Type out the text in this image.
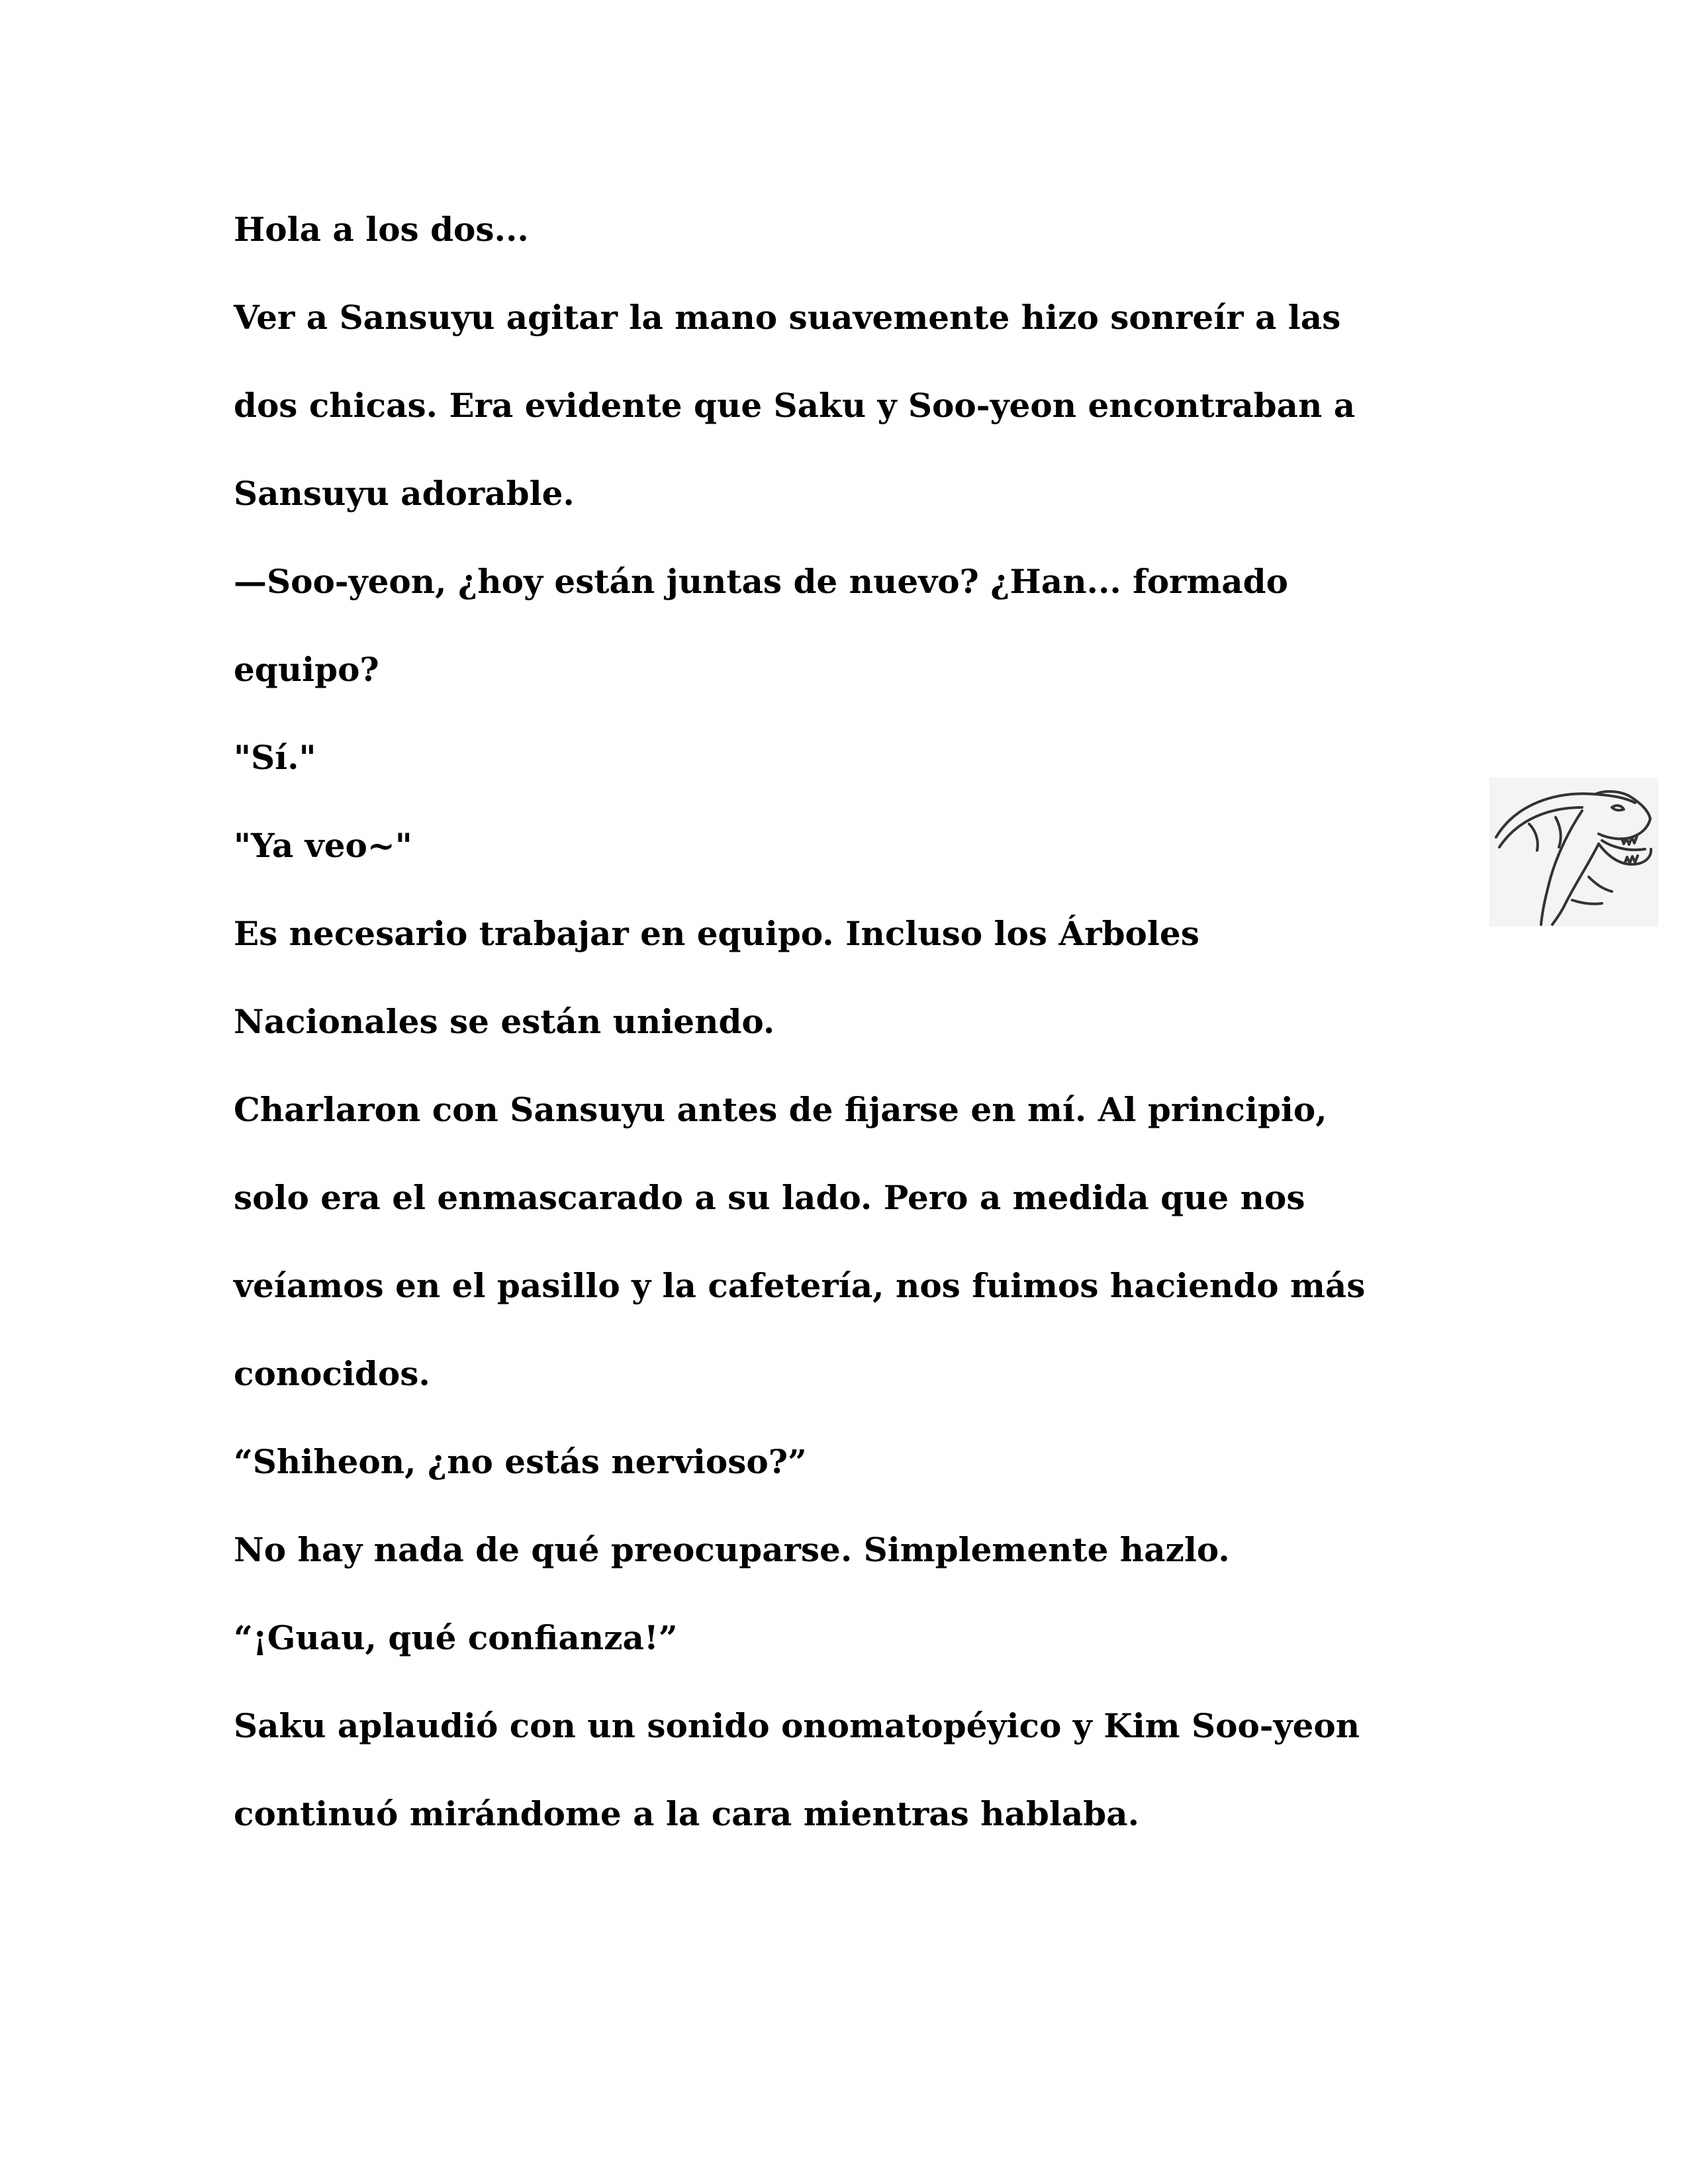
Hola a los dos...
Ver a Sansuyu agitar la mano suavemente hizo sonreír a las
dos chicas. Era evidente que Saku y Soo-yeon encontraban a
Sansuyu adorable.
—Soo-yeon, ¿hoy están juntas de nuevo? ¿Han... formado
equipo?
"Sí."
"Ya veo~"
Es necesario trabajar en equipo. Incluso los Árboles
Nacionales se están uniendo.
Charlaron con Sansuyu antes de fijarse en mí. Al principio,
solo era el enmascarado a su lado. Pero a medida que nos
veíamos en el pasillo y la cafetería, nos fuimos haciendo más
conocidos.
“Shiheon, ¿no estás nervioso?”
No hay nada de qué preocuparse. Simplemente hazlo.
“¡Guau, qué confianza!”
Saku aplaudió con un sonido onomatopéyico y Kim Soo-yeon
continuó mirándome a la cara mientras hablaba.
